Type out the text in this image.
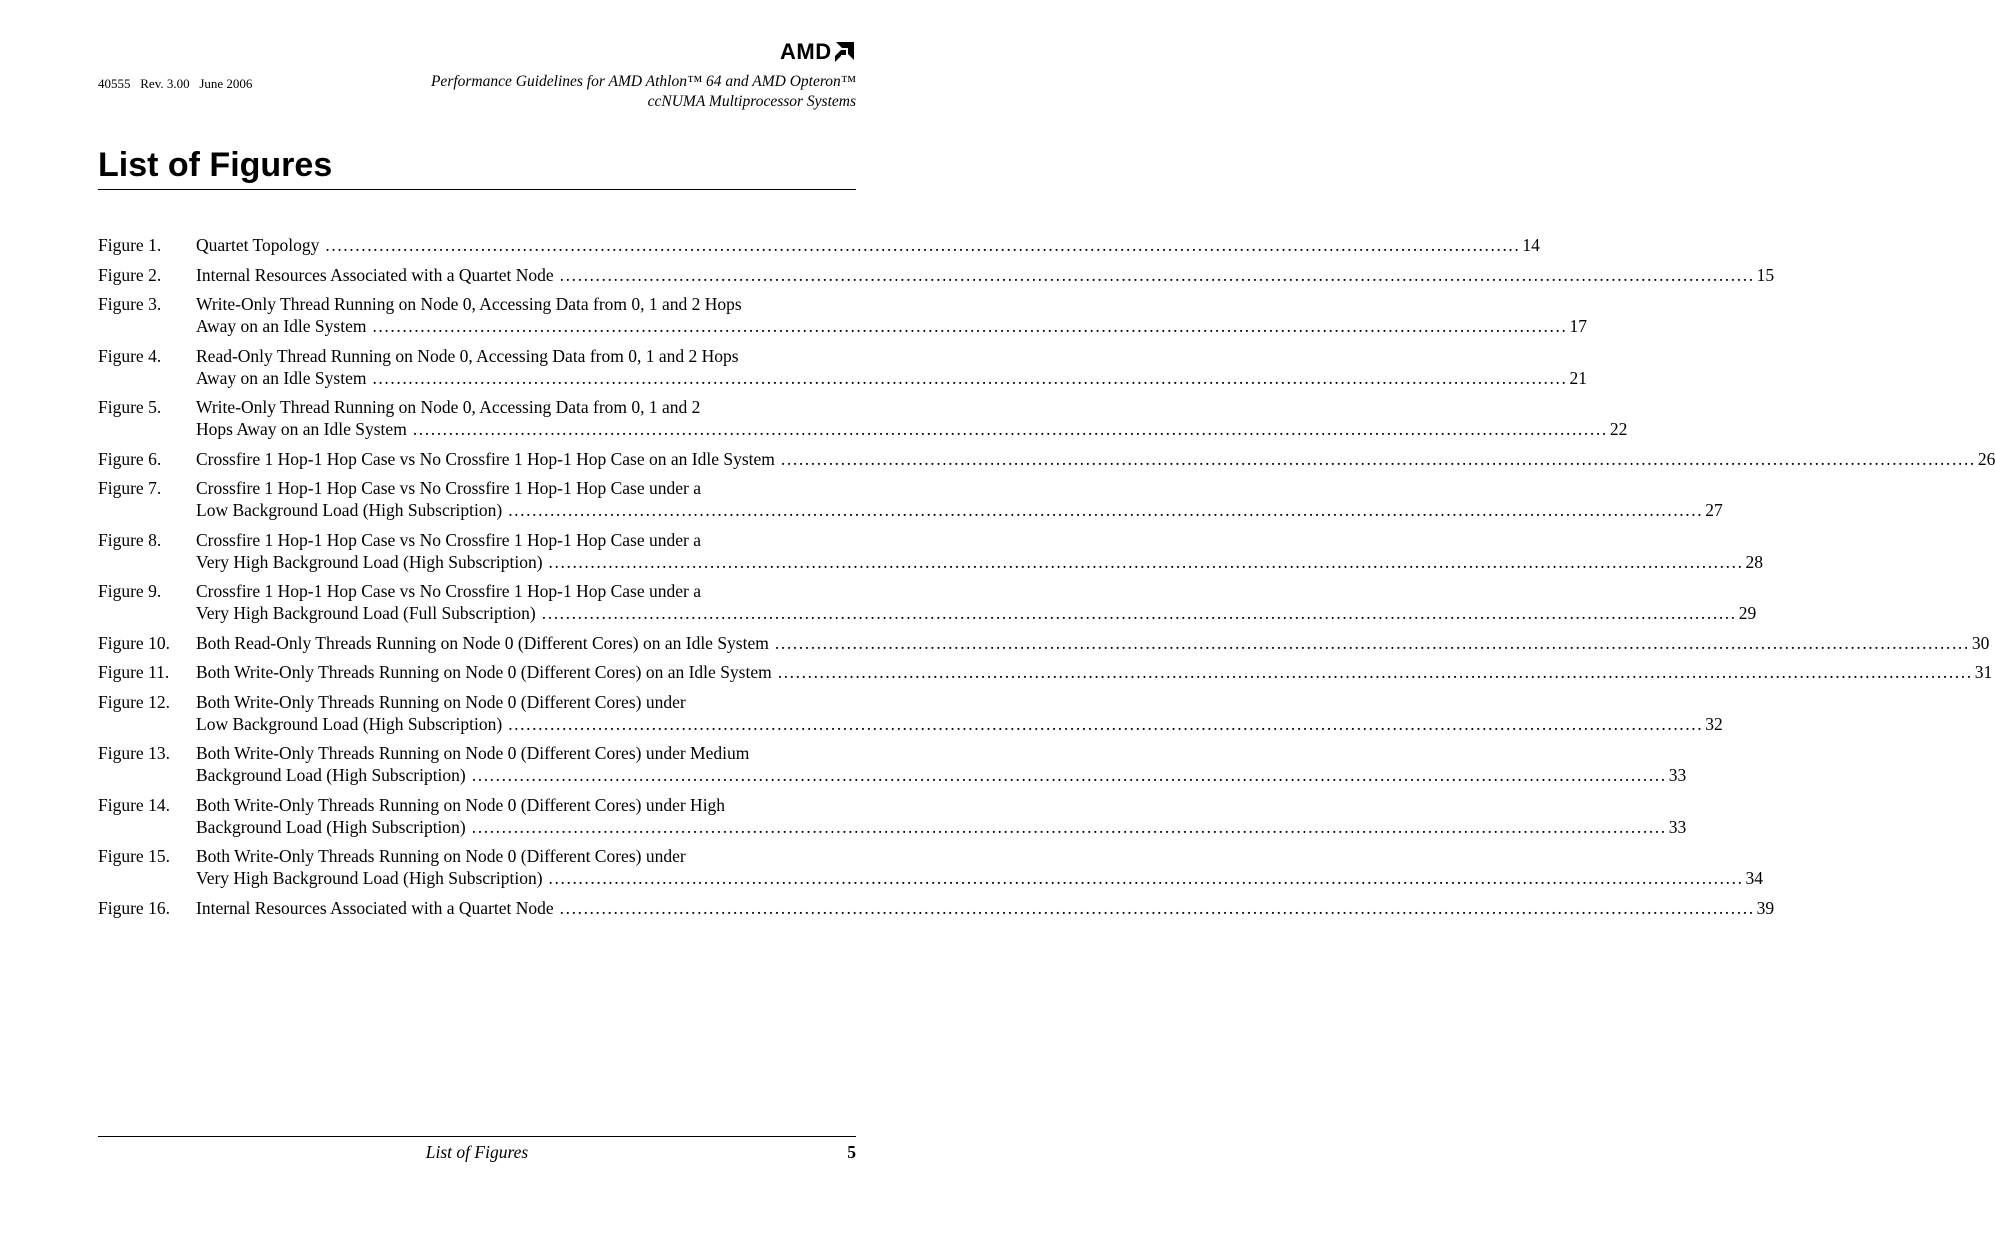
AMD
40555   Rev. 3.00   June 2006	Performance Guidelines for AMD Athlon™ 64 and AMD Opteron™
ccNUMA Multiprocessor Systems
List of Figures
Figure 1. Quartet Topology ........................................................................................................................................................................................................ 14
Figure 2. Internal Resources Associated with a Quartet Node ........................................................................................................................................................................................................ 15
Figure 3. Write-Only Thread Running on Node 0, Accessing Data from 0, 1 and 2 Hops
Away on an Idle System ........................................................................................................................................................................................................ 17
Figure 4. Read-Only Thread Running on Node 0, Accessing Data from 0, 1 and 2 Hops
Away on an Idle System ........................................................................................................................................................................................................ 21
Figure 5. Write-Only Thread Running on Node 0, Accessing Data from 0, 1 and 2
Hops Away on an Idle System ........................................................................................................................................................................................................ 22
Figure 6. Crossfire 1 Hop-1 Hop Case vs No Crossfire 1 Hop-1 Hop Case on an Idle System ........................................................................................................................................................................................................ 26
Figure 7. Crossfire 1 Hop-1 Hop Case vs No Crossfire 1 Hop-1 Hop Case under a
Low Background Load (High Subscription) ........................................................................................................................................................................................................ 27
Figure 8. Crossfire 1 Hop-1 Hop Case vs No Crossfire 1 Hop-1 Hop Case under a
Very High Background Load (High Subscription) ........................................................................................................................................................................................................ 28
Figure 9. Crossfire 1 Hop-1 Hop Case vs No Crossfire 1 Hop-1 Hop Case under a
Very High Background Load (Full Subscription) ........................................................................................................................................................................................................ 29
Figure 10. Both Read-Only Threads Running on Node 0 (Different Cores) on an Idle System ........................................................................................................................................................................................................ 30
Figure 11. Both Write-Only Threads Running on Node 0 (Different Cores) on an Idle System ........................................................................................................................................................................................................ 31
Figure 12. Both Write-Only Threads Running on Node 0 (Different Cores) under
Low Background Load (High Subscription) ........................................................................................................................................................................................................ 32
Figure 13. Both Write-Only Threads Running on Node 0 (Different Cores) under Medium
Background Load (High Subscription) ........................................................................................................................................................................................................ 33
Figure 14. Both Write-Only Threads Running on Node 0 (Different Cores) under High
Background Load (High Subscription) ........................................................................................................................................................................................................ 33
Figure 15. Both Write-Only Threads Running on Node 0 (Different Cores) under
Very High Background Load (High Subscription) ........................................................................................................................................................................................................ 34
Figure 16. Internal Resources Associated with a Quartet Node ........................................................................................................................................................................................................ 39
List of Figures	5
